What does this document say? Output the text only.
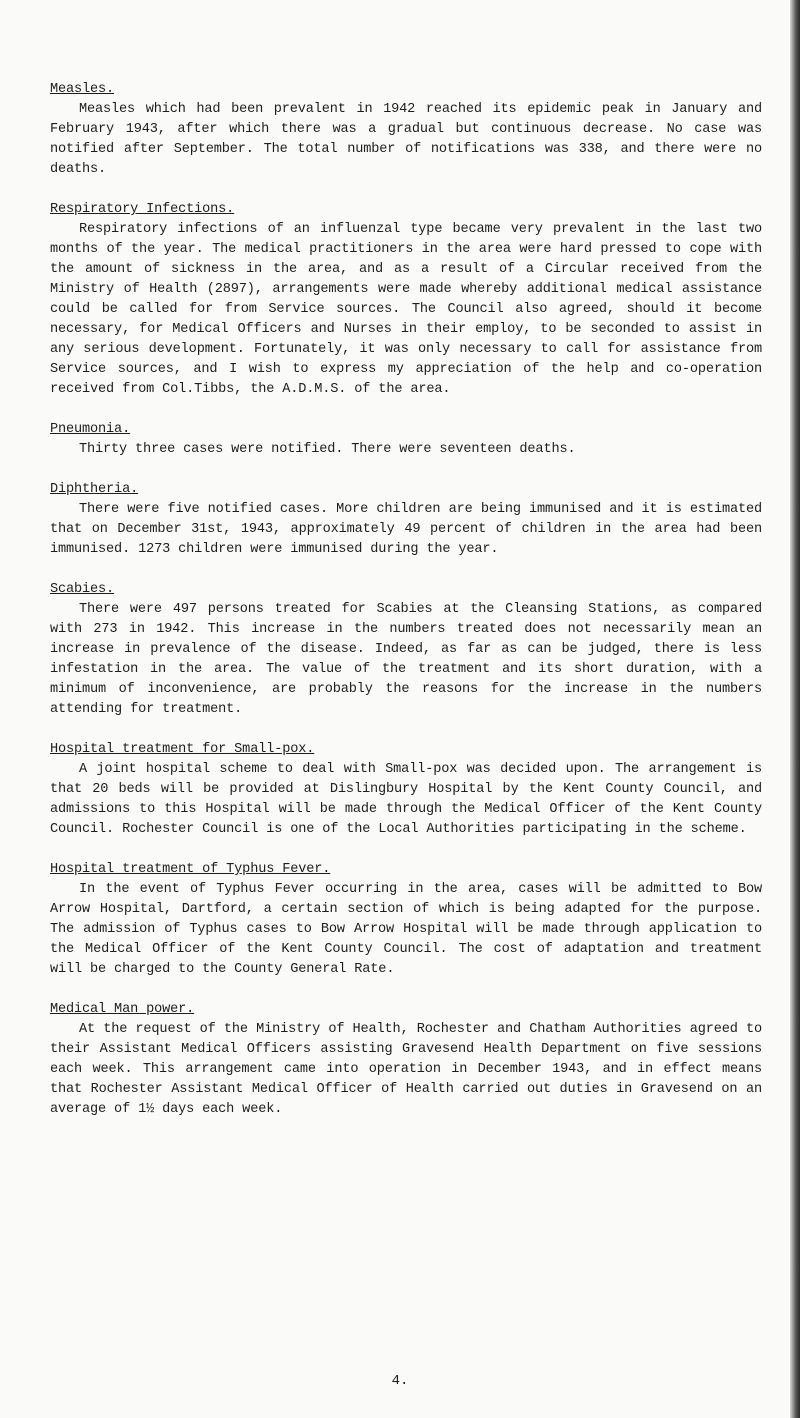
Measles.

Measles which had been prevalent in 1942 reached its epidemic peak in January and February 1943, after which there was a gradual but continuous decrease. No case was notified after September. The total number of notifications was 338, and there were no deaths.

Respiratory Infections.

Respiratory infections of an influenzal type became very prevalent in the last two months of the year. The medical practitioners in the area were hard pressed to cope with the amount of sickness in the area, and as a result of a Circular received from the Ministry of Health (2897), arrangements were made whereby additional medical assistance could be called for from Service sources. The Council also agreed, should it become necessary, for Medical Officers and Nurses in their employ, to be seconded to assist in any serious development. Fortunately, it was only necessary to call for assistance from Service sources, and I wish to express my appreciation of the help and co-operation received from Col.Tibbs, the A.D.M.S. of the area.

Pneumonia.

Thirty three cases were notified. There were seventeen deaths.

Diphtheria.

There were five notified cases. More children are being immunised and it is estimated that on December 31st, 1943, approximately 49 percent of children in the area had been immunised. 1273 children were immunised during the year.

Scabies.

There were 497 persons treated for Scabies at the Cleansing Stations, as compared with 273 in 1942. This increase in the numbers treated does not necessarily mean an increase in prevalence of the disease. Indeed, as far as can be judged, there is less infestation in the area. The value of the treatment and its short duration, with a minimum of inconvenience, are probably the reasons for the increase in the numbers attending for treatment.

Hospital treatment for Small-pox.

A joint hospital scheme to deal with Small-pox was decided upon. The arrangement is that 20 beds will be provided at Dislingbury Hospital by the Kent County Council, and admissions to this Hospital will be made through the Medical Officer of the Kent County Council. Rochester Council is one of the Local Authorities participating in the scheme.

Hospital treatment of Typhus Fever.

In the event of Typhus Fever occurring in the area, cases will be admitted to Bow Arrow Hospital, Dartford, a certain section of which is being adapted for the purpose. The admission of Typhus cases to Bow Arrow Hospital will be made through application to the Medical Officer of the Kent County Council. The cost of adaptation and treatment will be charged to the County General Rate.

Medical Man power.

At the request of the Ministry of Health, Rochester and Chatham Authorities agreed to their Assistant Medical Officers assisting Gravesend Health Department on five sessions each week. This arrangement came into operation in December 1943, and in effect means that Rochester Assistant Medical Officer of Health carried out duties in Gravesend on an average of 1½ days each week.

4.
